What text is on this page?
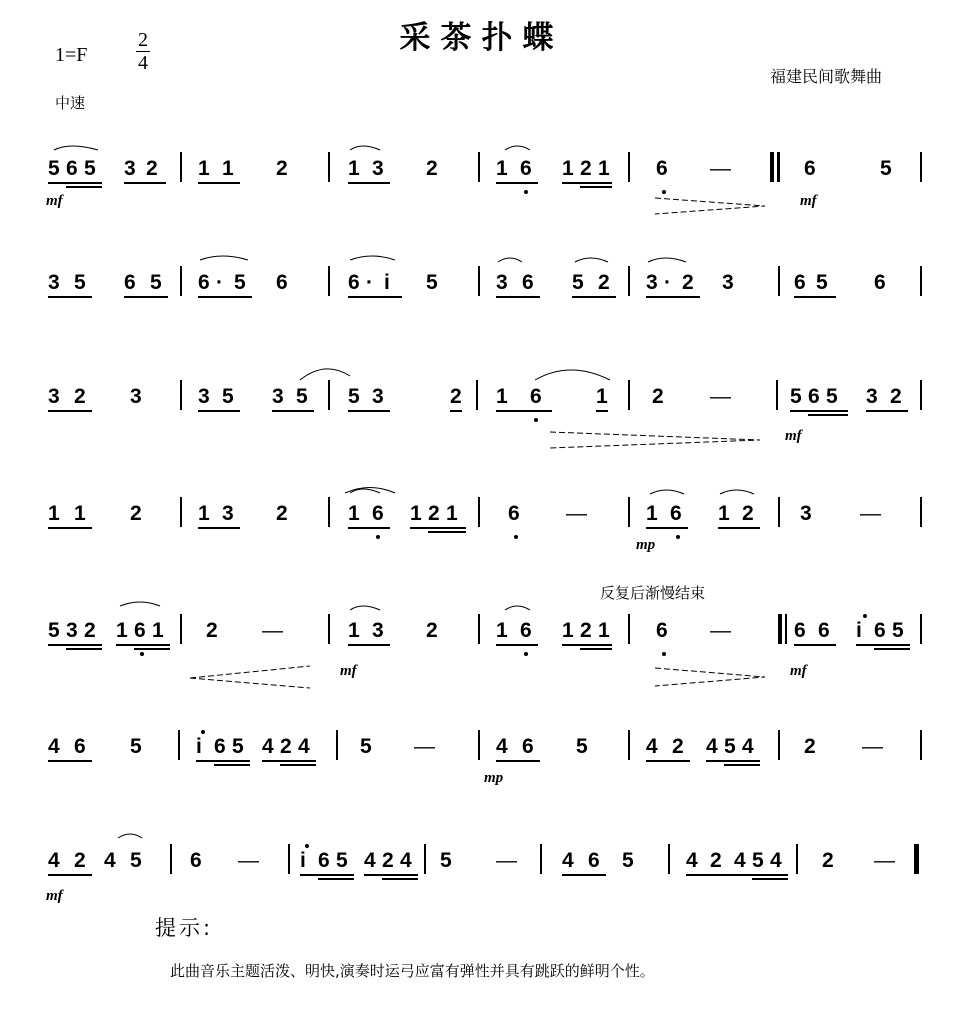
采茶扑蝶
1=F
2
4
福建民间歌舞曲
中速
反复后渐慢结束
5 6 5 3 2 1 1 2	1 3 2	1 6 1 2 1 6 —	6	5
3 5 6 5 6 · 5 6	6 · i 5	3 6 5 2 3 · 2 3	6 5 6
3 2 3	3 5 3 5 5 3	2 1 6	1 2 —	5 6 5 3 2
1 1 2	1 3 2	1 6 1 2 1 6 —	1 6 1 2 3 —
5 3 2 1 6 1 2 —	1 3 2	1 6 1 2 1 6 —	6 6 i 6 5
4 6 5	i 6 5 4 2 4 5 —	4 6 5	4 2 4 5 4 2 —
4 2 4 5 6 — i 6 5 4 2 4 5 — 4 6 5 4 2 4 5 4 2 —
mf	mf
mf
mp
mf	mf
mp
mf
提示:
此曲音乐主题活泼、明快,演奏时运弓应富有弹性并具有跳跃的鲜明个性。
